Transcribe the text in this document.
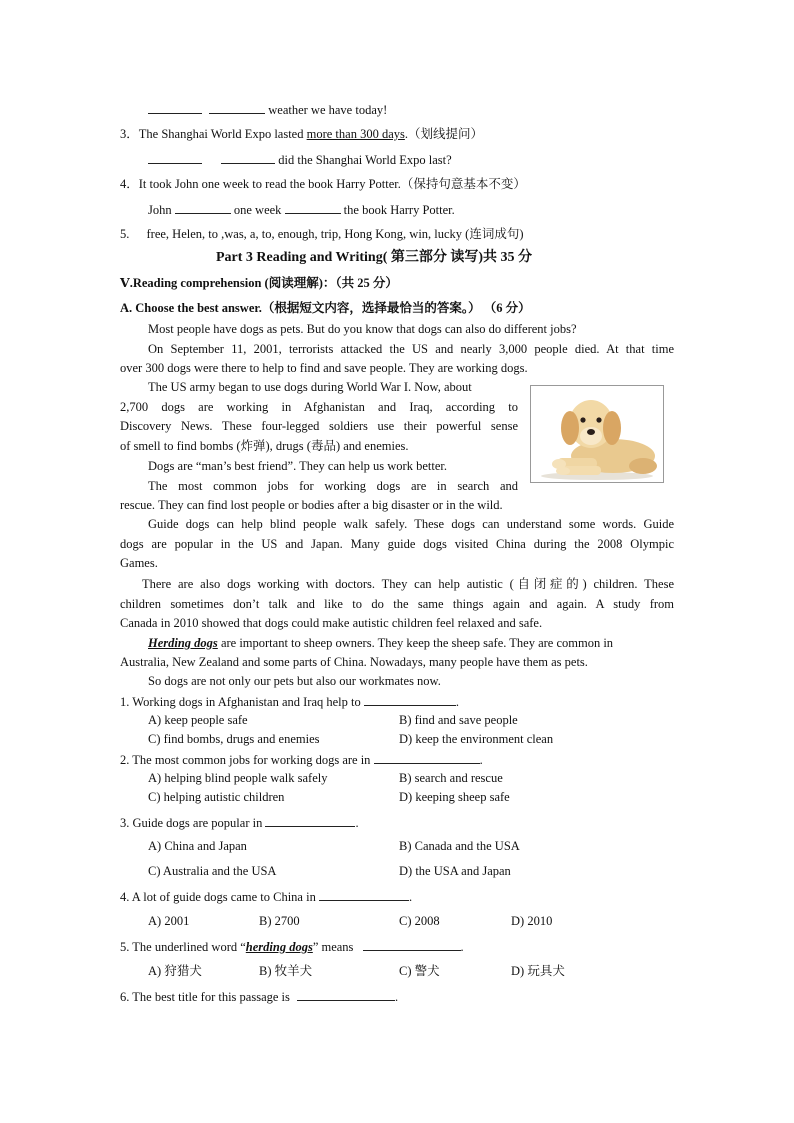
weather we have today!
3．The Shanghai World Expo lasted more than 300 days.（划线提问）
did the Shanghai World Expo last?
4．It took John one week to read the book Harry Potter.（保持句意基本不变）
John	one week	the book Harry Potter.
5. free, Helen, to ,was, a, to, enough, trip, Hong Kong, win, lucky (连词成句)
Part 3 Reading and Writing( 第三部分 读写)共 35 分
Ⅴ.Reading comprehension (阅读理解)：（共 25 分）
A. Choose the best answer.（根据短文内容，选择最恰当的答案。） （6 分）
Most people have dogs as pets. But do you know that dogs can also do different jobs?
On September 11, 2001, terrorists attacked the US and nearly 3,000 people died. At that time
over 300 dogs were there to help to find and save people. They are working dogs.
The US army began to use dogs during World War I. Now, about
2,700 dogs are working in Afghanistan and Iraq, according to
Discovery News. These four-legged soldiers use their powerful sense
of smell to find bombs (炸弹), drugs (毒品) and enemies.
Dogs are “man’s best friend”. They can help us work better.
The most common jobs for working dogs are in search and
rescue. They can find lost people or bodies after a big disaster or in the wild.
Guide dogs can help blind people walk safely. These dogs can understand some words. Guide
dogs are popular in the US and Japan. Many guide dogs visited China during the 2008 Olympic
Games.
There are also dogs working with doctors. They can help autistic (自闭症的) children. These
children sometimes don’t talk and like to do the same things again and again. A study from
Canada in 2010 showed that dogs could make autistic children feel relaxed and safe.
Herding dogs are important to sheep owners. They keep the sheep safe. They are common in
Australia, New Zealand and some parts of China. Nowadays, many people have them as pets.
So dogs are not only our pets but also our workmates now.
1. Working dogs in Afghanistan and Iraq help to	.
A) keep people safe	B) find and save people
C) find bombs, drugs and enemies	D) keep the environment clean
2. The most common jobs for working dogs are in	.
A) helping blind people walk safely	B) search and rescue
C) helping autistic children	D) keeping sheep safe
3. Guide dogs are popular in	.
A) China and Japan	B) Canada and the USA
C) Australia and the USA	D) the USA and Japan
4. A lot of guide dogs came to China in	.
A) 2001	B) 2700	C) 2008	D) 2010
5. The underlined word “herding dogs” means	.
A) 狩猎犬	B) 牧羊犬	C) 警犬	D) 玩具犬
6. The best title for this passage is	.
